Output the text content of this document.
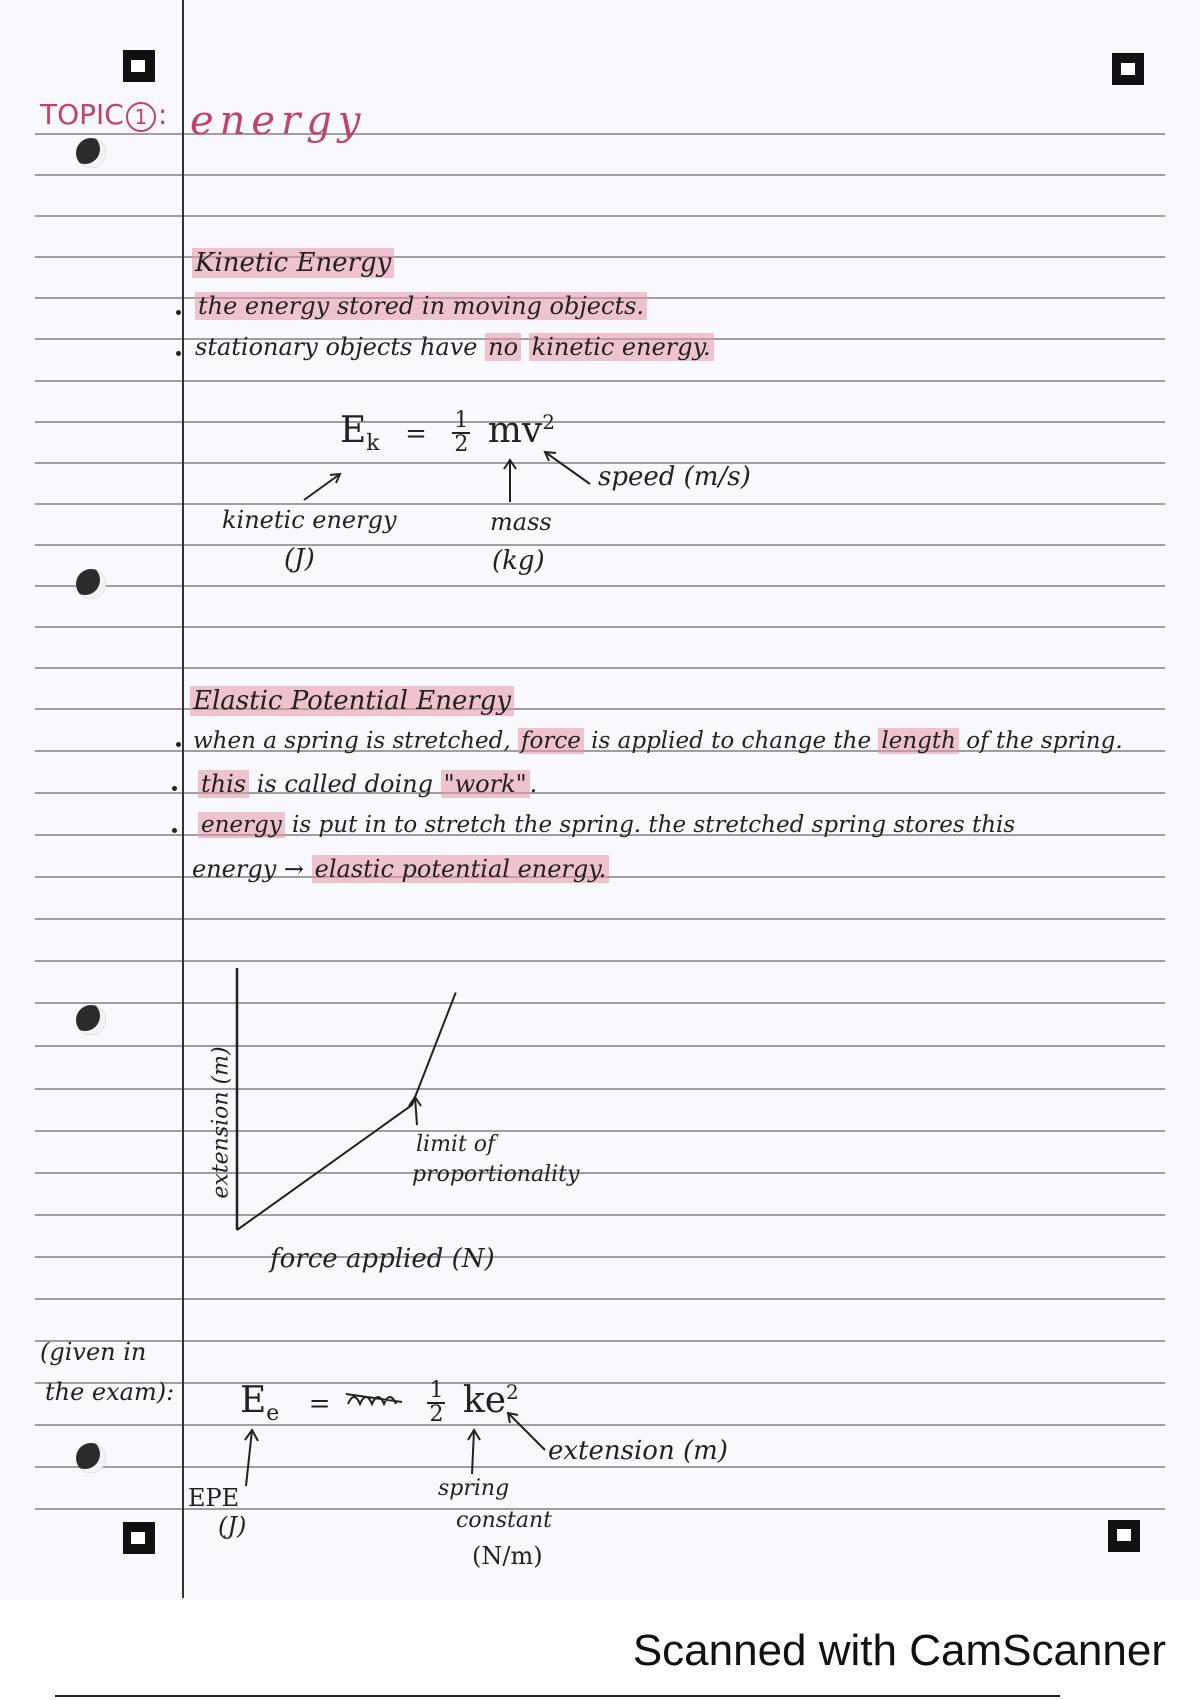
TOPIC 1 : energy
Kinetic Energy
the energy stored in moving objects.
stationary objects have no kinetic energy.
$E_k = \frac{1}{2} mv^2$
speed (m/s)
kinetic energy
(J)
mass
(kg)
Elastic Potential Energy
when a spring is stretched, force is applied to change the length of the spring.
this is called doing "work" .
energy is put in to stretch the spring. the stretched spring stores this
energy → elastic potential energy.
extension (m)
force applied (N)
limit of
proportionality
(given in
the exam): $E_e$ =	$\frac{1}{2} ke^2$
extension (m)
EPE
(J)
spring
constant
(N/m)
Scanned with CamScanner
